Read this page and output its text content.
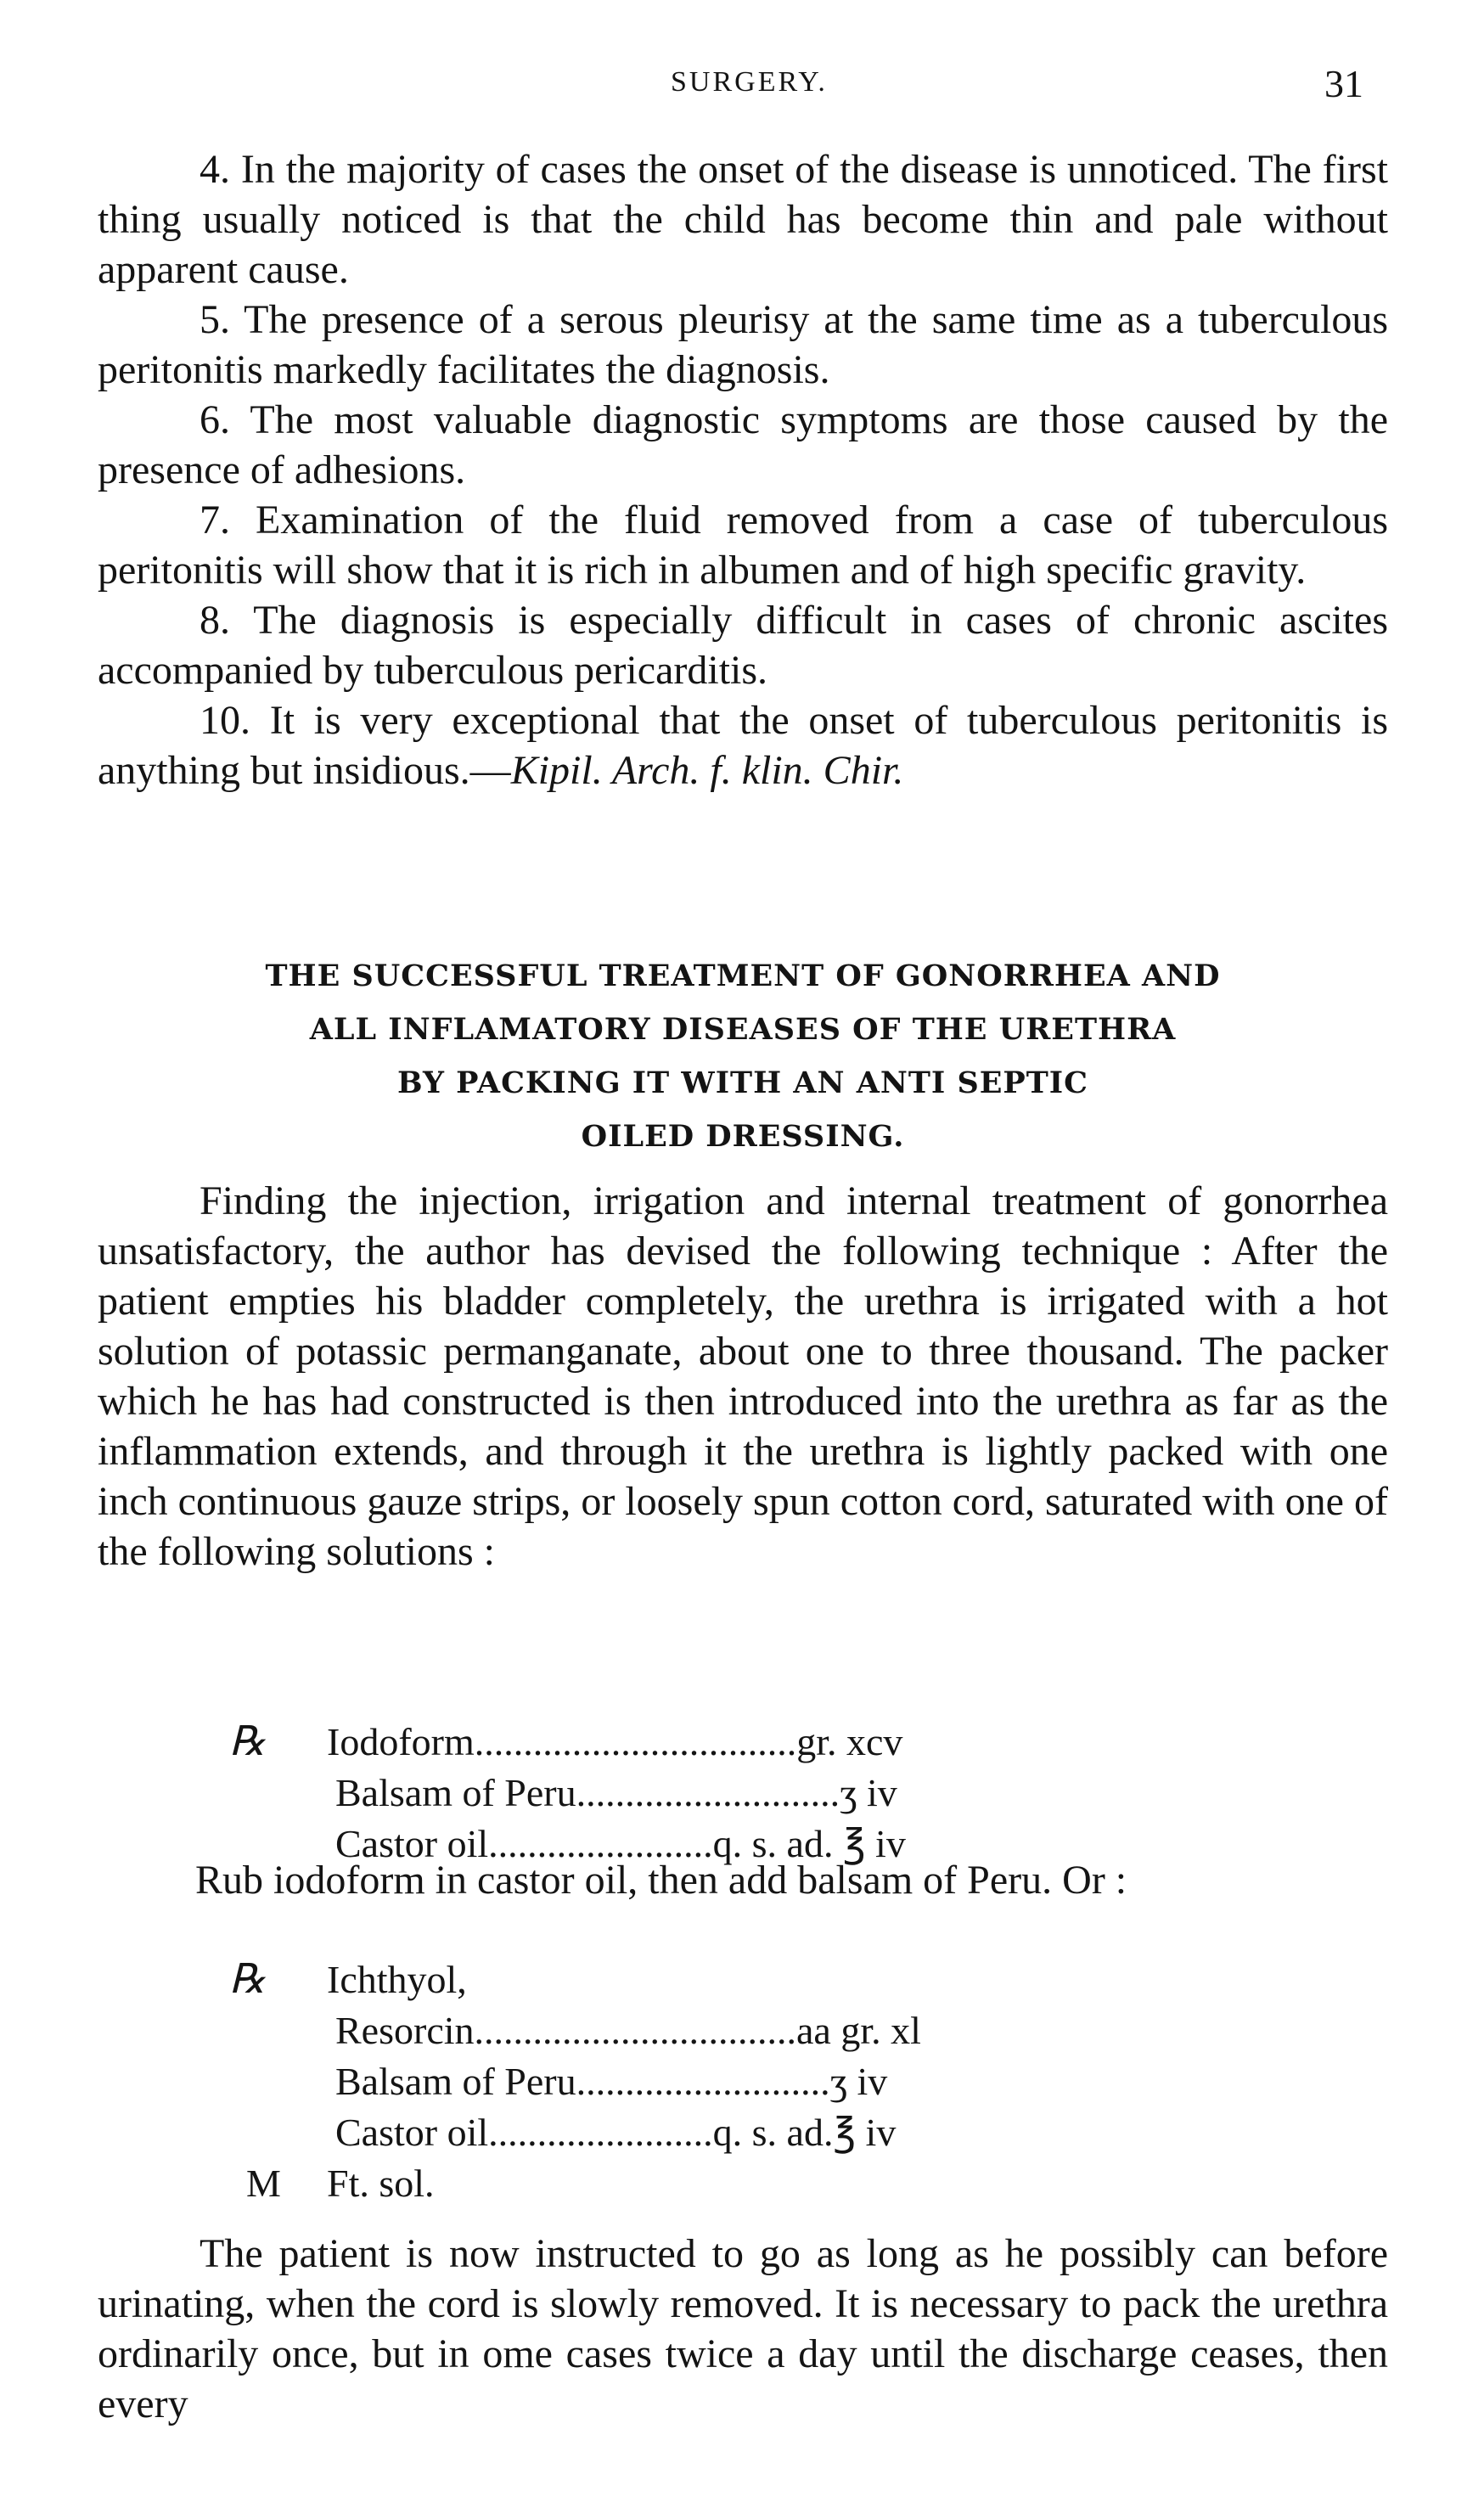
SURGERY.	31

4. In the majority of cases the onset of the disease is unnoticed. The first thing usually noticed is that the child has become thin and pale without apparent cause.

5. The presence of a serous pleurisy at the same time as a tuberculous peritonitis markedly facilitates the diagnosis.

6. The most valuable diagnostic symptoms are those caused by the presence of adhesions.

7. Examination of the fluid removed from a case of tuberculous peritonitis will show that it is rich in albumen and of high specific gravity.

8. The diagnosis is especially difficult in cases of chronic ascites accompanied by tuberculous pericarditis.

10. It is very exceptional that the onset of tuberculous peritonitis is anything but insidious.—Kipil. Arch. f. klin. Chir.

THE SUCCESSFUL TREATMENT OF GONORRHEA AND
ALL INFLAMATORY DISEASES OF THE URETHRA
BY PACKING IT WITH AN ANTI SEPTIC
OILED DRESSING.

Finding the injection, irrigation and internal treatment of gonorrhea unsatisfactory, the author has devised the following technique : After the patient empties his bladder completely, the urethra is irrigated with a hot solution of potassic permanganate, about one to three thousand. The packer which he has had constructed is then introduced into the urethra as far as the inflammation extends, and through it the urethra is lightly packed with one inch continuous gauze strips, or loosely spun cotton cord, saturated with one of the following solutions :

℞ Iodoform.................................gr. xcv
Balsam of Peru...........................ʒ iv
Castor oil.......................q. s. ad. ℥ iv
Rub iodoform in castor oil, then add balsam of Peru. Or :
℞ Ichthyol,
Resorcin.................................aa gr. xl
Balsam of Peru..........................ʒ iv
Castor oil.......................q. s. ad.℥ iv
M Ft. sol.

The patient is now instructed to go as long as he possibly can before urinating, when the cord is slowly removed. It is necessary to pack the urethra ordinarily once, but in ome cases twice a day until the discharge ceases, then every
